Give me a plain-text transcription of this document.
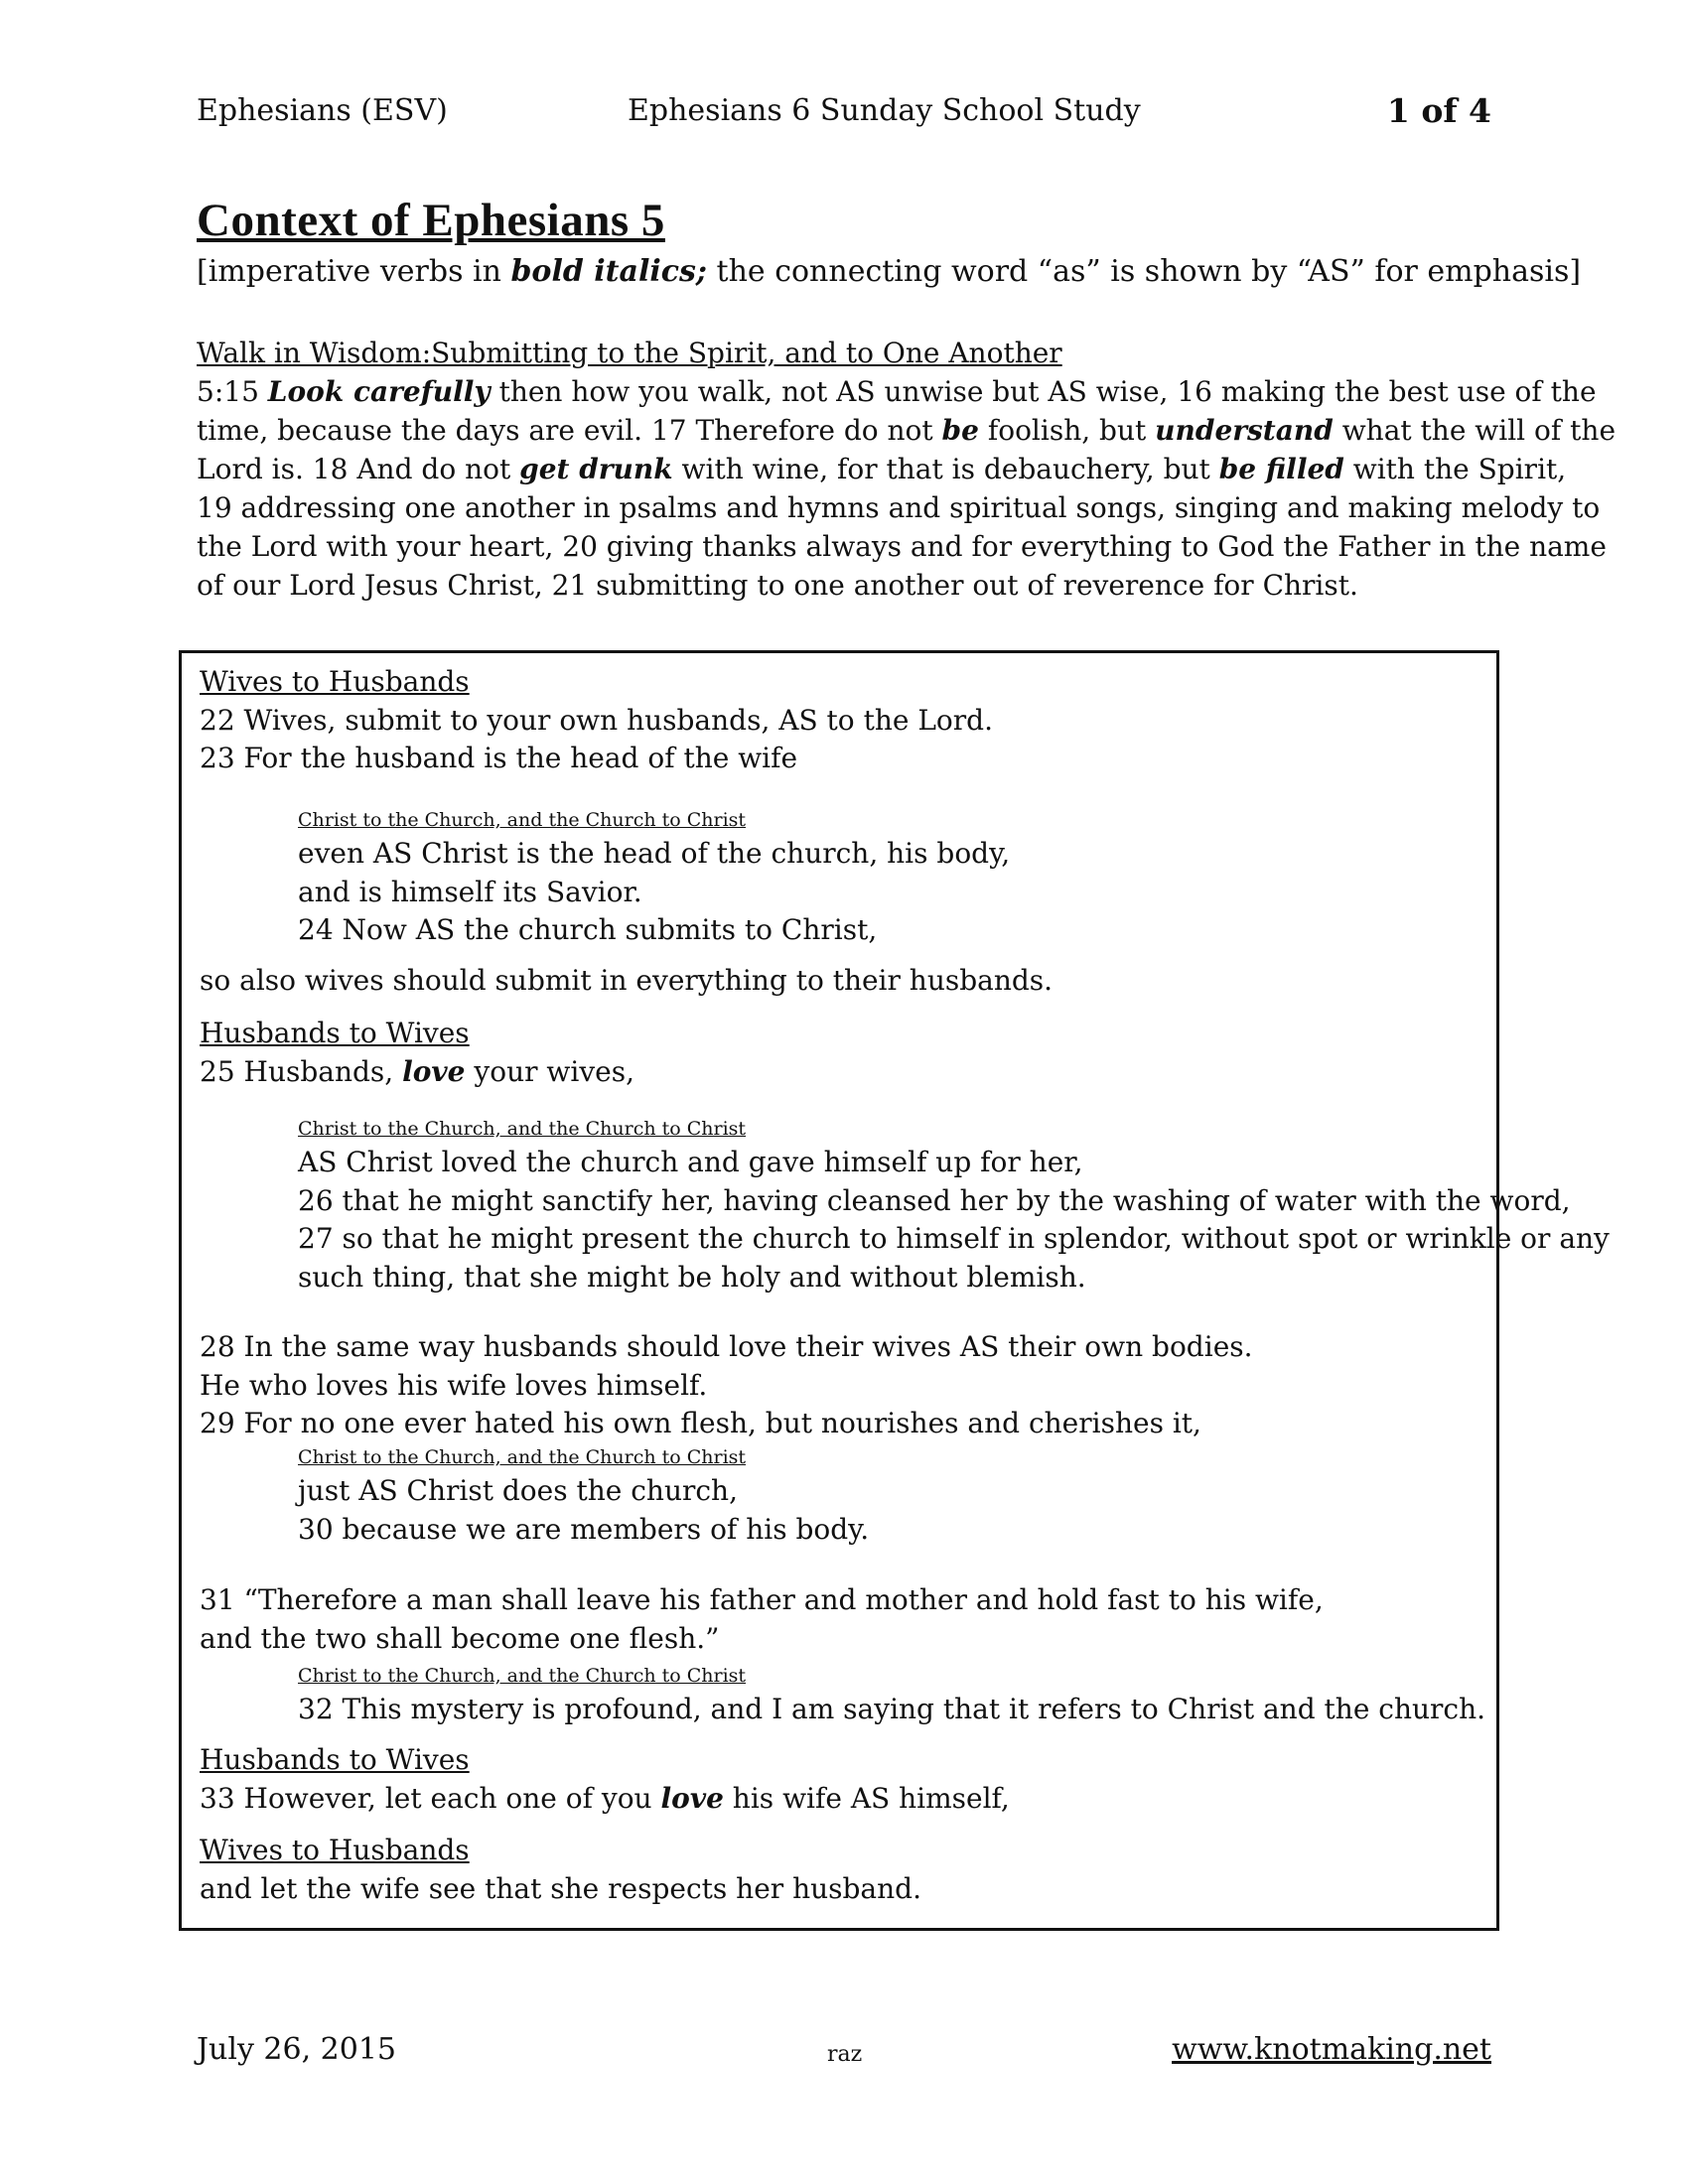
Ephesians (ESV)	Ephesians 6 Sunday School Study	1 of 4
Context of Ephesians 5
[imperative verbs in bold italics; the connecting word “as” is shown by “AS” for emphasis]
Walk in Wisdom:Submitting to the Spirit, and to One Another
5:15 Look carefully then how you walk, not AS unwise but AS wise, 16 making the best use of the
time, because the days are evil. 17 Therefore do not be foolish, but understand what the will of the
Lord is. 18 And do not get drunk with wine, for that is debauchery, but be filled with the Spirit,
19 addressing one another in psalms and hymns and spiritual songs, singing and making melody to
the Lord with your heart, 20 giving thanks always and for everything to God the Father in the name
of our Lord Jesus Christ, 21 submitting to one another out of reverence for Christ.
Wives to Husbands
22 Wives, submit to your own husbands, AS to the Lord.
23 For the husband is the head of the wife
Christ to the Church, and the Church to Christ
even AS Christ is the head of the church, his body,
and is himself its Savior.
24 Now AS the church submits to Christ,
so also wives should submit in everything to their husbands.
Husbands to Wives
25 Husbands, love your wives,
Christ to the Church, and the Church to Christ
AS Christ loved the church and gave himself up for her,
26 that he might sanctify her, having cleansed her by the washing of water with the word,
27 so that he might present the church to himself in splendor, without spot or wrinkle or any
such thing, that she might be holy and without blemish.
28 In the same way husbands should love their wives AS their own bodies.
He who loves his wife loves himself.
29 For no one ever hated his own flesh, but nourishes and cherishes it,
Christ to the Church, and the Church to Christ
just AS Christ does the church,
30 because we are members of his body.
31 “Therefore a man shall leave his father and mother and hold fast to his wife,
and the two shall become one flesh.”
Christ to the Church, and the Church to Christ
32 This mystery is profound, and I am saying that it refers to Christ and the church.
Husbands to Wives
33 However, let each one of you love his wife AS himself,
Wives to Husbands
and let the wife see that she respects her husband.
July 26, 2015	raz	www.knotmaking.net
